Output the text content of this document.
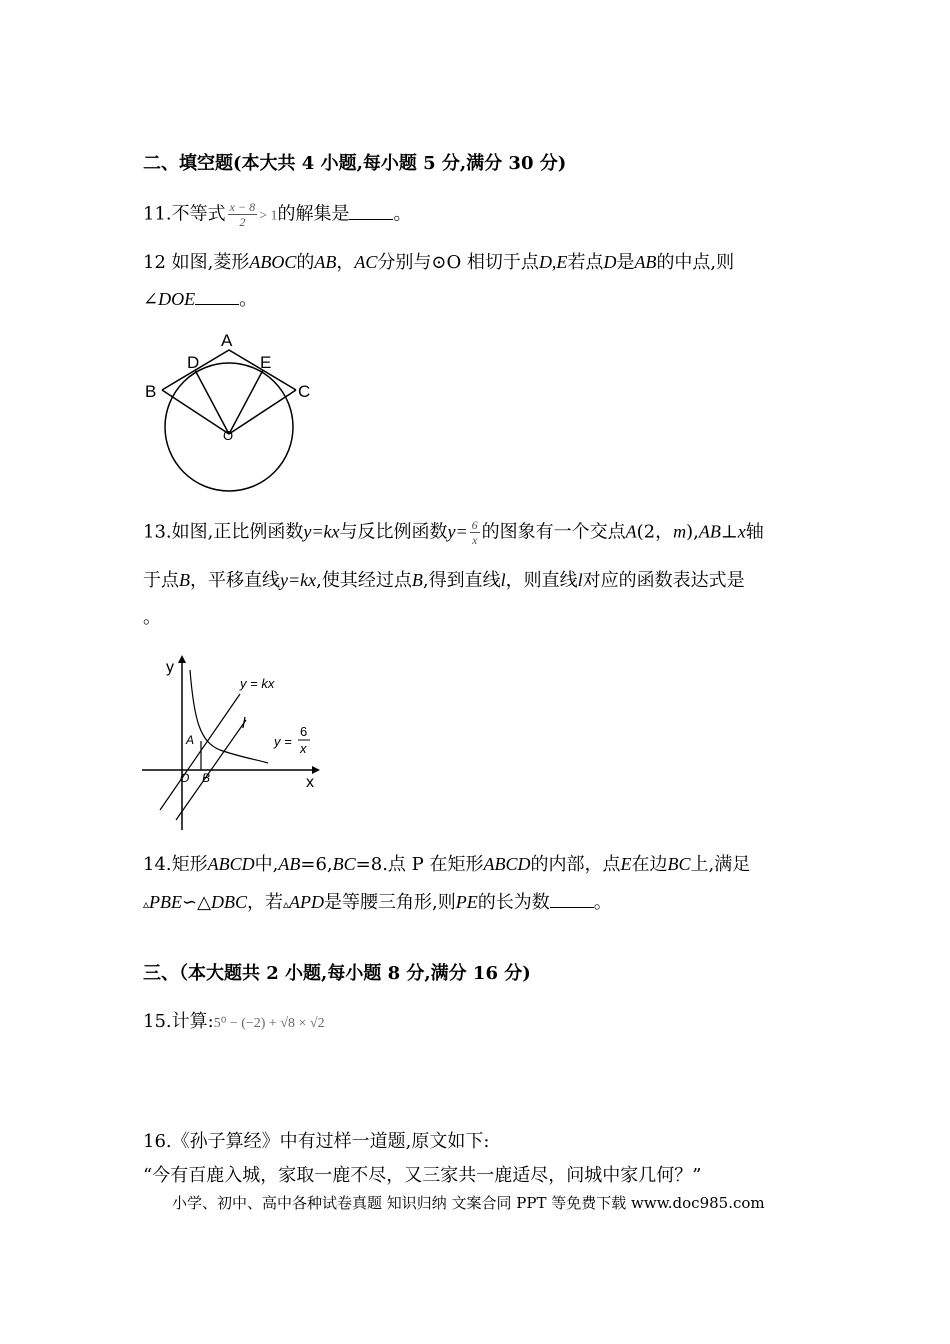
二、填空题(本大共 4 小题,每小题 5 分,满分 30 分)
11.不等式 $\frac{x - 8}{2} > 1$的解集是 。
12 如图,菱形ABOC的AB，AC分别与⊙O 相切于点D,E若点D是AB的中点,则
∠DOE 。
A
B	C
D	E
O
13.如图,正比例函数y=kx与反比例函数$y= \frac{6}{x}$ 的图象有一个交点A(2，m),AB⊥x轴
于点B，平移直线y=kx,使其经过点B,得到直线l，则直线l对应的函数表达式是
。
y
x
y = kx
l
y =
6
x
A
O B
14.矩形ABCD中,AB=6,BC=8.点 P 在矩形ABCD的内部，点E在边BC上,满足
▵PBE∽△DBC，若▵APD是等腰三角形,则PE的长为数 。
三、（本大题共 2 小题,每小题 8 分,满分 16 分)
15.计算:5⁰ − (−2) + √8 × √2
16.《孙子算经》中有过样一道题,原文如下:
“今有百鹿入城，家取一鹿不尽，又三家共一鹿适尽，问城中家几何？”
小学、初中、高中各种试卷真题 知识归纳 文案合同 PPT 等免费下载 www.doc985.com
